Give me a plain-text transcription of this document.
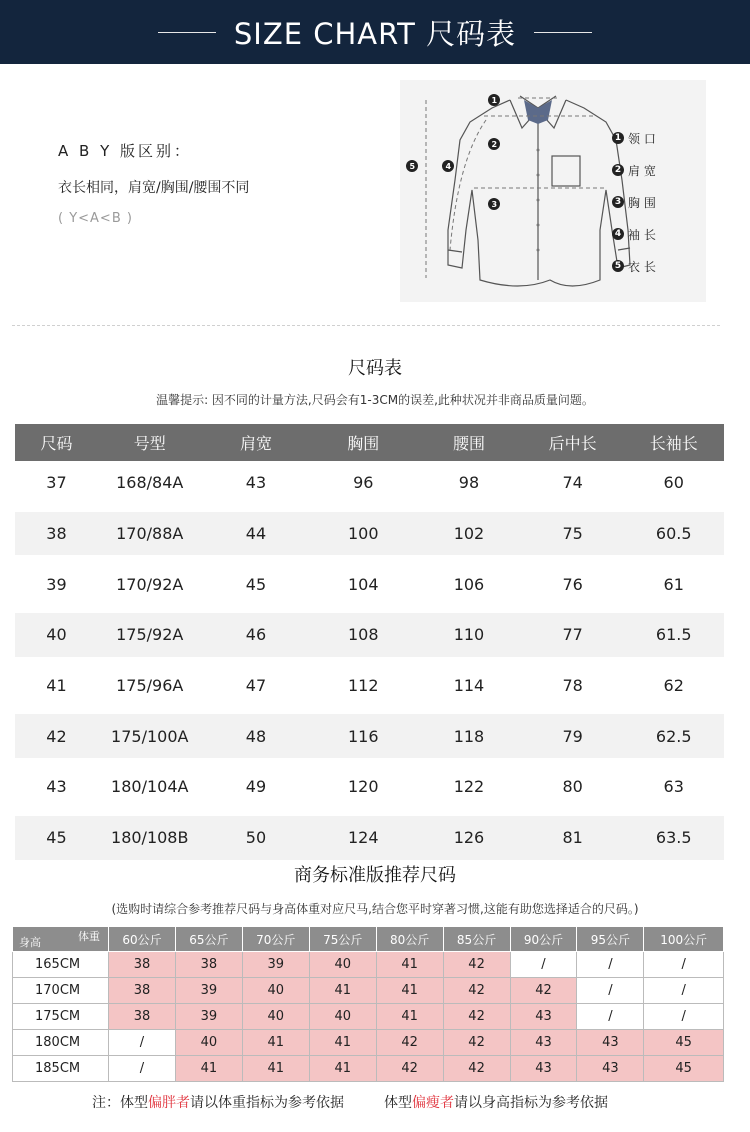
SIZE CHART 尺码表
A B Y 版区别：
衣长相同，肩宽/胸围/腰围不同
( Y<A<B )
1
2
3
4
5
1 领 口
2 肩 宽
3 胸 围
4 袖 长
5 衣 长
尺码表
温馨提示: 因不同的计量方法,尺码会有1-3CM的误差,此种状况并非商品质量问题。
尺码	号型	肩宽	胸围	腰围	后中长	长袖长
37	168/84A	43	96	98	74	60

38	170/88A	44	100	102	75	60.5

39	170/92A	45	104	106	76	61

40	175/92A	46	108	110	77	61.5

41	175/96A	47	112	114	78	62

42	175/100A	48	116	118	79	62.5

43	180/104A	49	120	122	80	63

45	180/108B	50	124	126	81	63.5
商务标准版推荐尺码
(选购时请综合参考推荐尺码与身高体重对应尺马,结合您平时穿著习惯,这能有助您选择适合的尺码。)
体重
身高	60公斤	65公斤	70公斤	75公斤	80公斤	85公斤	90公斤	95公斤	100公斤
165CM	38	38	39	40	41	42	/	/	/
170CM	38	39	40	41	41	42	42	/	/
175CM	38	39	40	40	41	42	43	/	/
180CM	/	40	41	41	42	42	43	43	45
185CM	/	41	41	41	42	42	43	43	45
注：体型 偏胖者 请以体重指标为参考依据	体型 偏瘦者 请以身高指标为参考依据
